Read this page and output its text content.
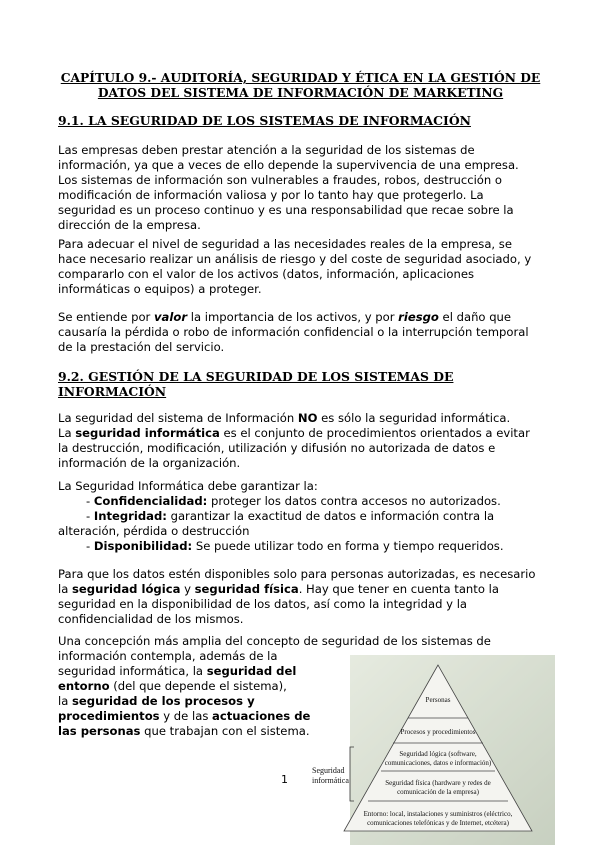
CAPÍTULO 9.- AUDITORÍA, SEGURIDAD Y ÉTICA EN LA GESTIÓN DE
DATOS DEL SISTEMA DE INFORMACIÓN DE MARKETING
9.1. LA SEGURIDAD DE LOS SISTEMAS DE INFORMACIÓN
Las empresas deben prestar atención a la seguridad de los sistemas de información, ya que a veces de ello depende la supervivencia de una empresa. Los sistemas de información son vulnerables a fraudes, robos, destrucción o modificación de información valiosa y por lo tanto hay que protegerlo. La seguridad es un proceso continuo y es una responsabilidad que recae sobre la dirección de la empresa.
Para adecuar el nivel de seguridad a las necesidades reales de la empresa, se hace necesario realizar un análisis de riesgo y del coste de seguridad asociado, y compararlo con el valor de los activos (datos, información, aplicaciones informáticas o equipos) a proteger.
Se entiende por valor la importancia de los activos, y por riesgo el daño que causaría la pérdida o robo de información confidencial o la interrupción temporal de la prestación del servicio.
9.2. GESTIÓN DE LA SEGURIDAD DE LOS SISTEMAS DE
INFORMACIÓN
La seguridad del sistema de Información NO es sólo la seguridad informática.
La seguridad informática es el conjunto de procedimientos orientados a evitar la destrucción, modificación, utilización y difusión no autorizada de datos e información de la organización.
La Seguridad Informática debe garantizar la:
- Confidencialidad: proteger los datos contra accesos no autorizados.
- Integridad: garantizar la exactitud de datos e información contra la
alteración, pérdida o destrucción
- Disponibilidad: Se puede utilizar todo en forma y tiempo requeridos.
Para que los datos estén disponibles solo para personas autorizadas, es necesario la seguridad lógica y seguridad física. Hay que tener en cuenta tanto la seguridad en la disponibilidad de los datos, así como la integridad y la confidencialidad de los mismos.
Una concepción más amplia del concepto de seguridad de los sistemas de
información contempla, además de la seguridad informática, la seguridad del entorno (del que depende el sistema),
la seguridad de los procesos y procedimientos y de las actuaciones de las personas que trabajan con el sistema.
Personas
Procesos y procedimientos
Seguridad lógica (software,
comunicaciones, datos e información)
Seguridad física (hardware y redes de
comunicación de la empresa)
Entorno: local, instalaciones y suministros (eléctrico,
comunicaciones telefónicas y de Internet, etcétera)
Seguridad
informática
1
